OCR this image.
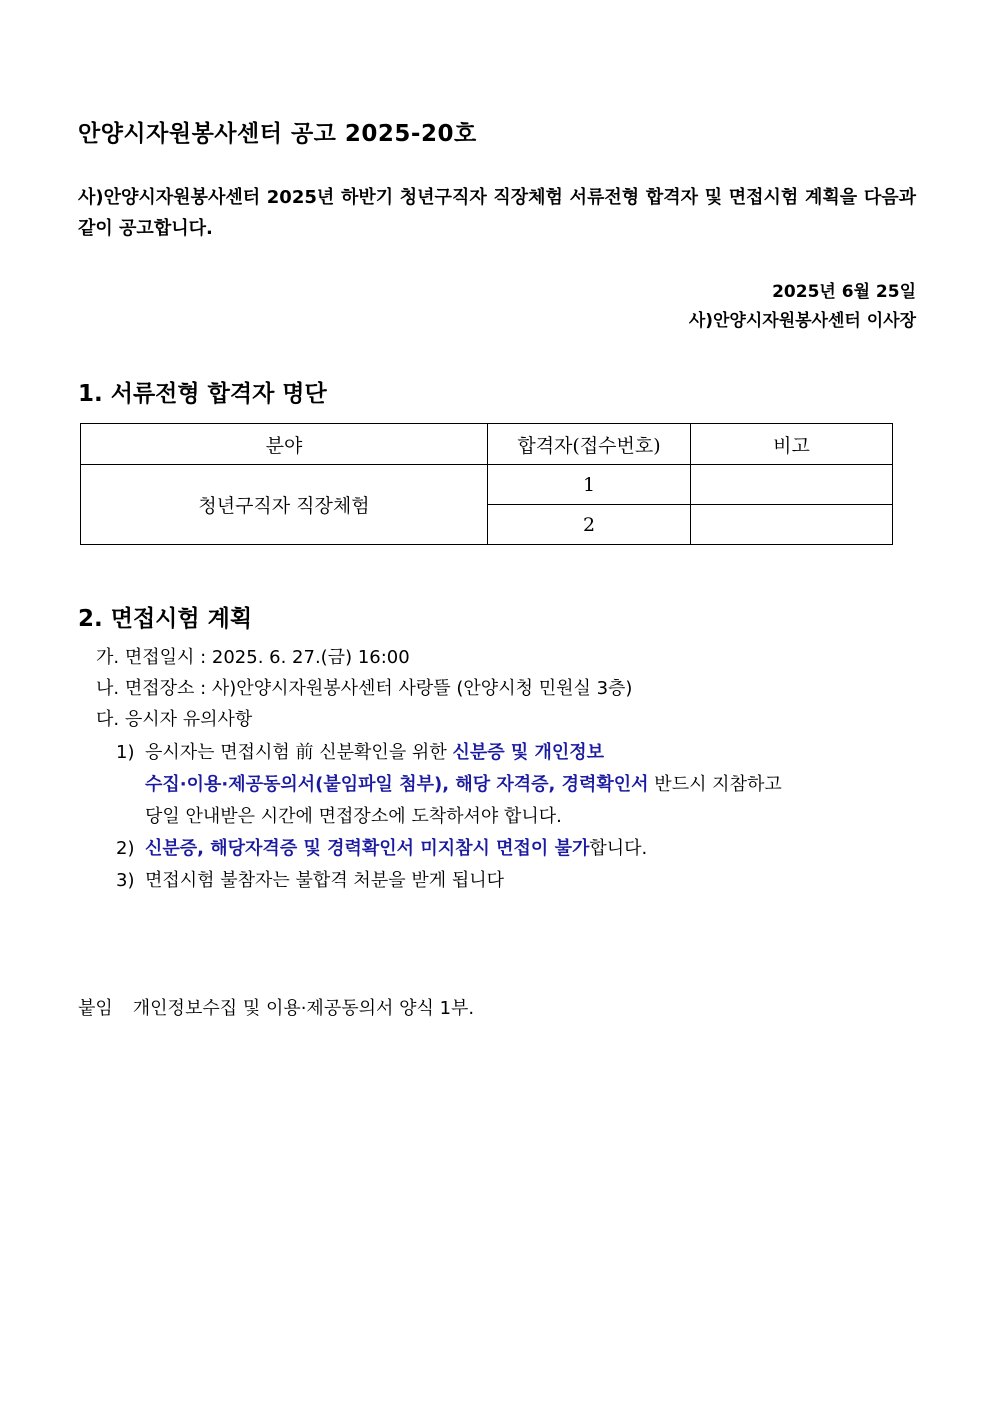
안양시자원봉사센터 공고 2025-20호
사)안양시자원봉사센터 2025년 하반기 청년구직자 직장체험 서류전형 합격자 및 면접시험 계획을 다음과 같이 공고합니다.
2025년 6월 25일
사)안양시자원봉사센터 이사장
1. 서류전형 합격자 명단
분야	합격자(접수번호)	비고
청년구직자 직장체험	1	
	2	
2. 면접시험 계획
가. 면접일시 : 2025. 6. 27.(금) 16:00
나. 면접장소 : 사)안양시자원봉사센터 사랑뜰 (안양시청 민원실 3층)
다. 응시자 유의사항
1) 응시자는 면접시험 前 신분확인을 위한 신분증 및 개인정보
수집·이용·제공동의서(붙임파일 첨부), 해당 자격증, 경력확인서 반드시 지참하고
당일 안내받은 시간에 면접장소에 도착하셔야 합니다.
2) 신분증, 해당자격증 및 경력확인서 미지참시 면접이 불가합니다.
3) 면접시험 불참자는 불합격 처분을 받게 됩니다
붙임 개인정보수집 및 이용·제공동의서 양식 1부.
